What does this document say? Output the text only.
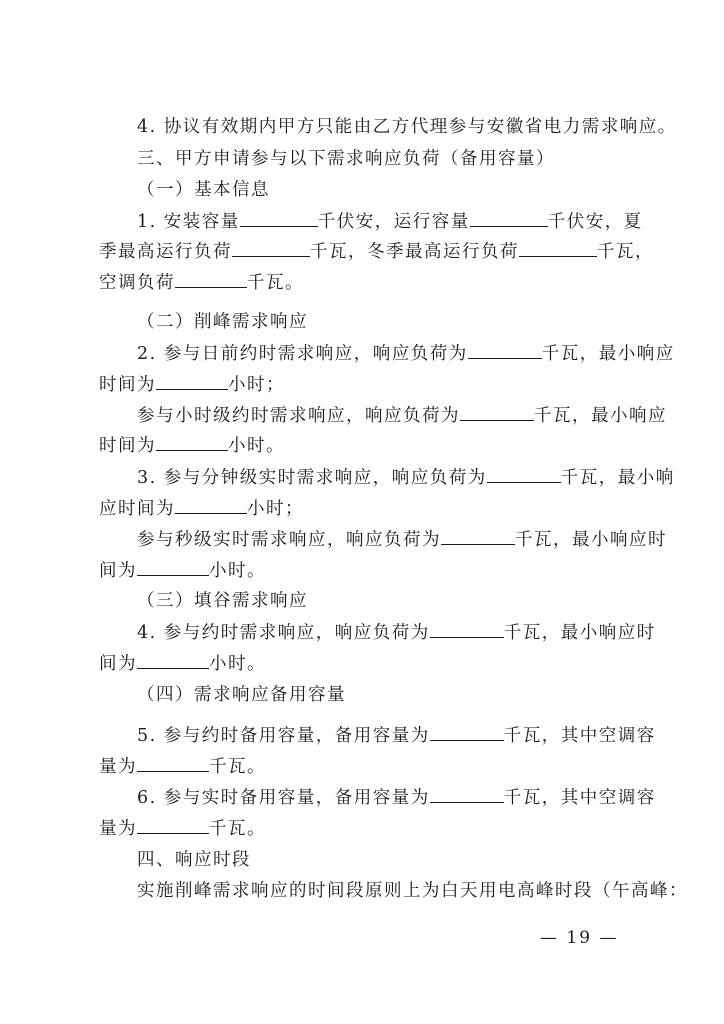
4. 协议有效期内甲方只能由乙方代理参与安徽省电力需求响应。
三、甲方申请参与以下需求响应负荷（备用容量）
（一）基本信息
1. 安装容量	千伏安，运行容量	千伏安，夏
季最高运行负荷	千瓦，冬季最高运行负荷	千瓦，
空调负荷	千瓦。
（二）削峰需求响应
2. 参与日前约时需求响应，响应负荷为	千瓦，最小响应
时间为	小时；
参与小时级约时需求响应，响应负荷为	千瓦，最小响应
时间为	小时。
3. 参与分钟级实时需求响应，响应负荷为	千瓦，最小响
应时间为	小时；
参与秒级实时需求响应，响应负荷为	千瓦，最小响应时
间为	小时。
（三）填谷需求响应
4. 参与约时需求响应，响应负荷为	千瓦，最小响应时
间为	小时。
（四）需求响应备用容量
5. 参与约时备用容量，备用容量为	千瓦，其中空调容
量为	千瓦。
6. 参与实时备用容量，备用容量为	千瓦，其中空调容
量为	千瓦。
四、响应时段
实施削峰需求响应的时间段原则上为白天用电高峰时段（午高峰：
— 19 —
